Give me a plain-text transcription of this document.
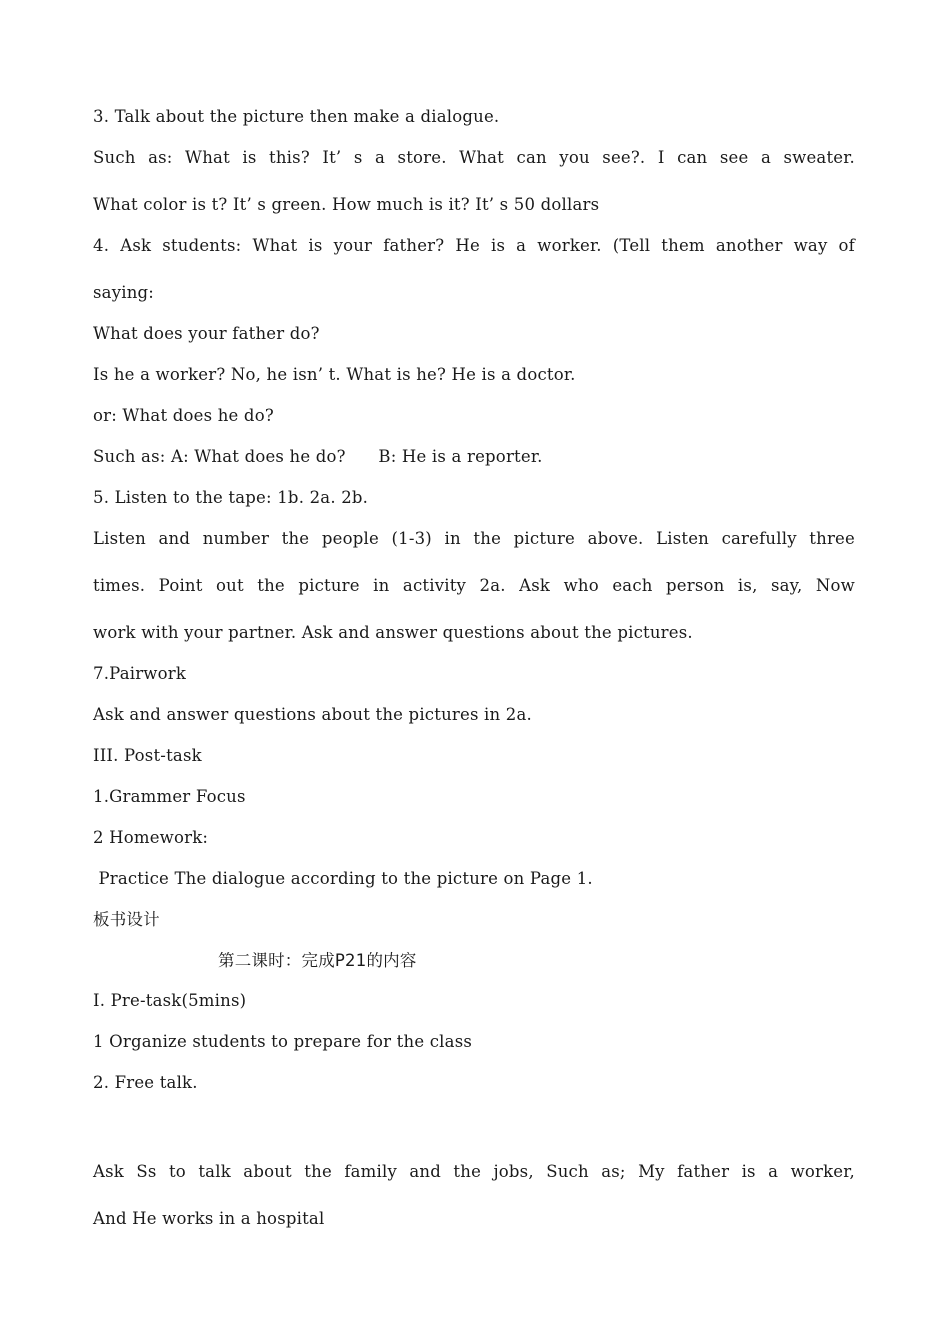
3. Talk about the picture then make a dialogue.
Such as: What is this? It’ s a store. What can you see?. I can see a sweater.
What color is t? It’ s green. How much is it? It’ s 50 dollars
4. Ask students: What is your father? He is a worker. (Tell them another way of
saying:
What does your father do?
Is he a worker? No, he isn’ t. What is he? He is a doctor.
or: What does he do?
Such as: A: What does he do?      B: He is a reporter.
5. Listen to the tape: 1b. 2a. 2b.
Listen and number the people (1-3) in the picture above. Listen carefully three
times. Point out the picture in activity 2a. Ask who each person is, say, Now
work with your partner. Ask and answer questions about the pictures.
7.Pairwork
Ask and answer questions about the pictures in 2a.
III. Post-task
1.Grammer Focus
2 Homework:
Practice The dialogue according to the picture on Page 1.
板书设计
第二课时：完成P21的内容
I. Pre-task(5mins)
1 Organize students to prepare for the class
2. Free talk.
Ask Ss to talk about the family and the jobs, Such as; My father is a worker,
And He works in a hospital
